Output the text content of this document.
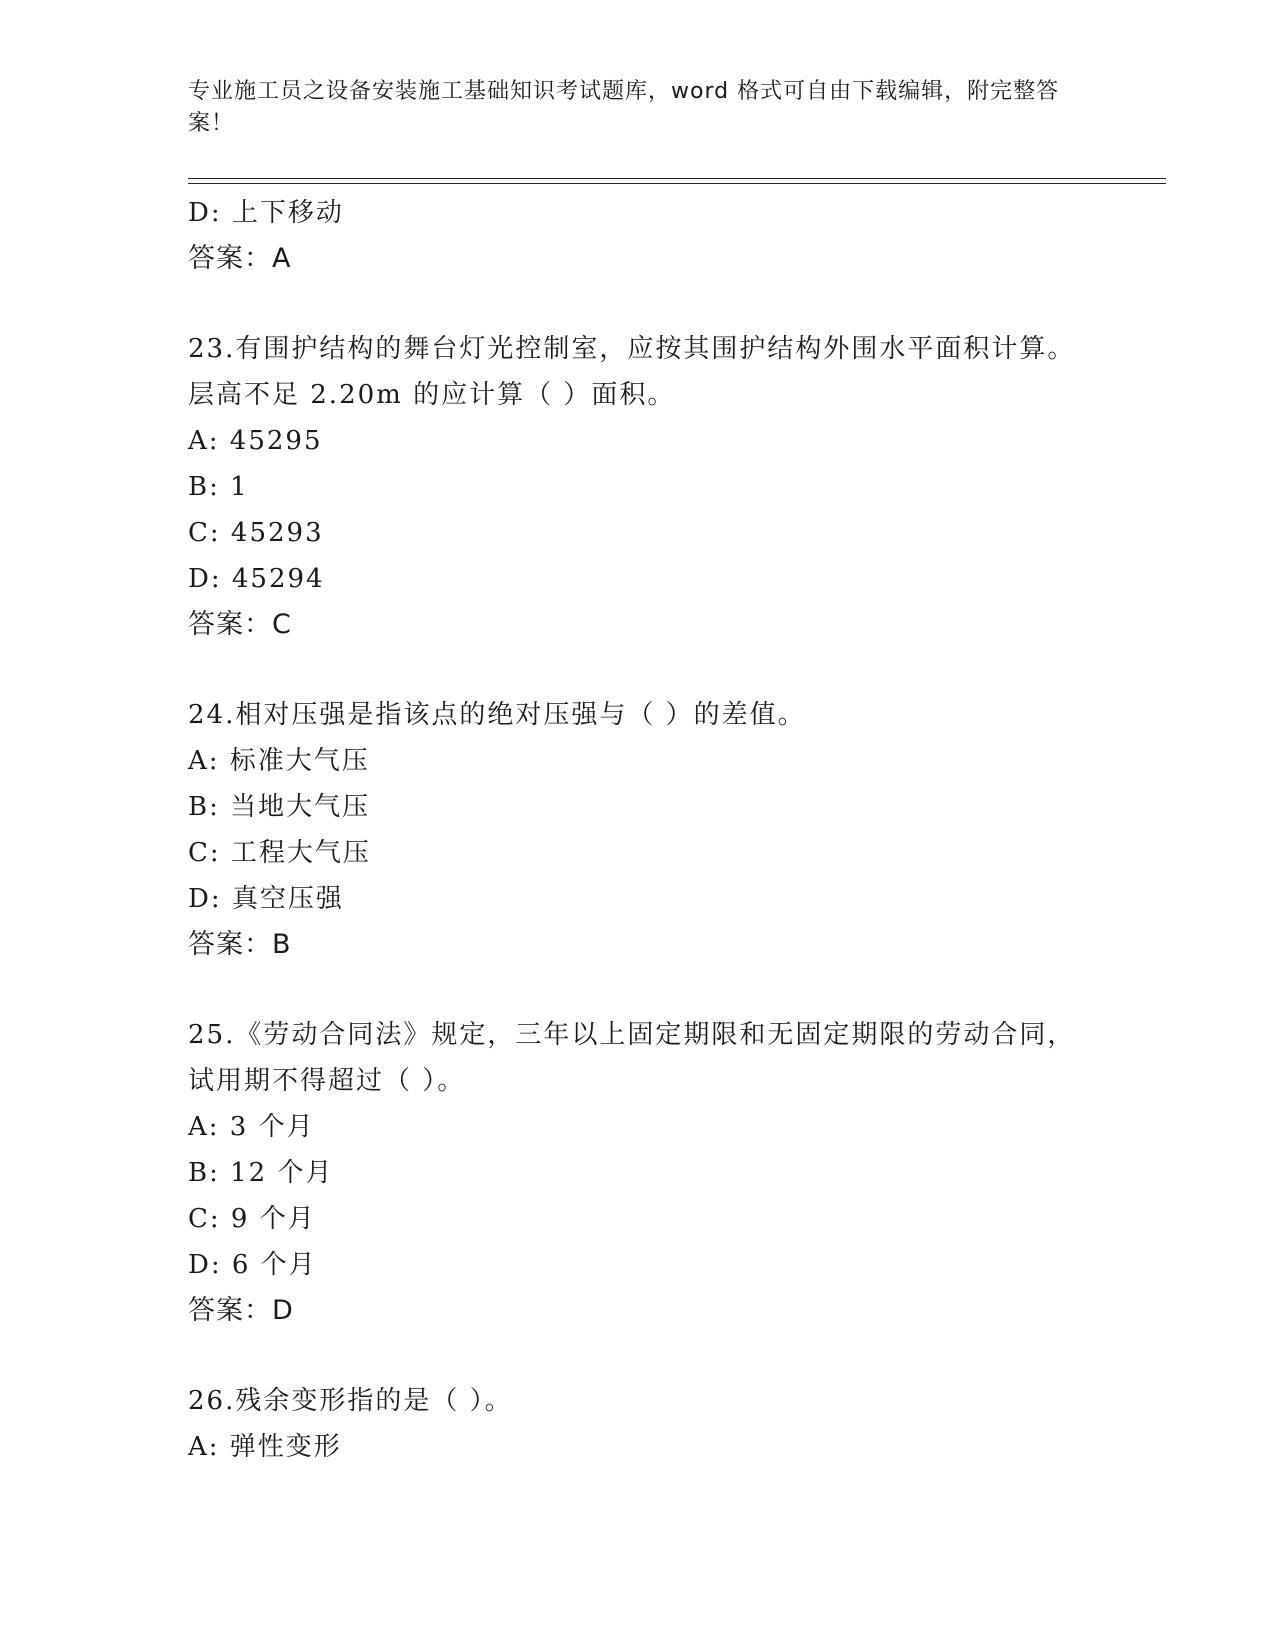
专业施工员之设备安装施工基础知识考试题库，word 格式可自由下载编辑，附完整答案！
D: 上下移动
答案：A
23.有围护结构的舞台灯光控制室，应按其围护结构外围水平面积计算。层高不足 2.20m 的应计算（ ）面积。
A: 45295
B: 1
C: 45293
D: 45294
答案：C
24.相对压强是指该点的绝对压强与（ ）的差值。
A: 标准大气压
B: 当地大气压
C: 工程大气压
D: 真空压强
答案：B
25.《劳动合同法》规定，三年以上固定期限和无固定期限的劳动合同，试用期不得超过（ ）。
A: 3 个月
B: 12 个月
C: 9 个月
D: 6 个月
答案：D
26.残余变形指的是（ ）。
A: 弹性变形
